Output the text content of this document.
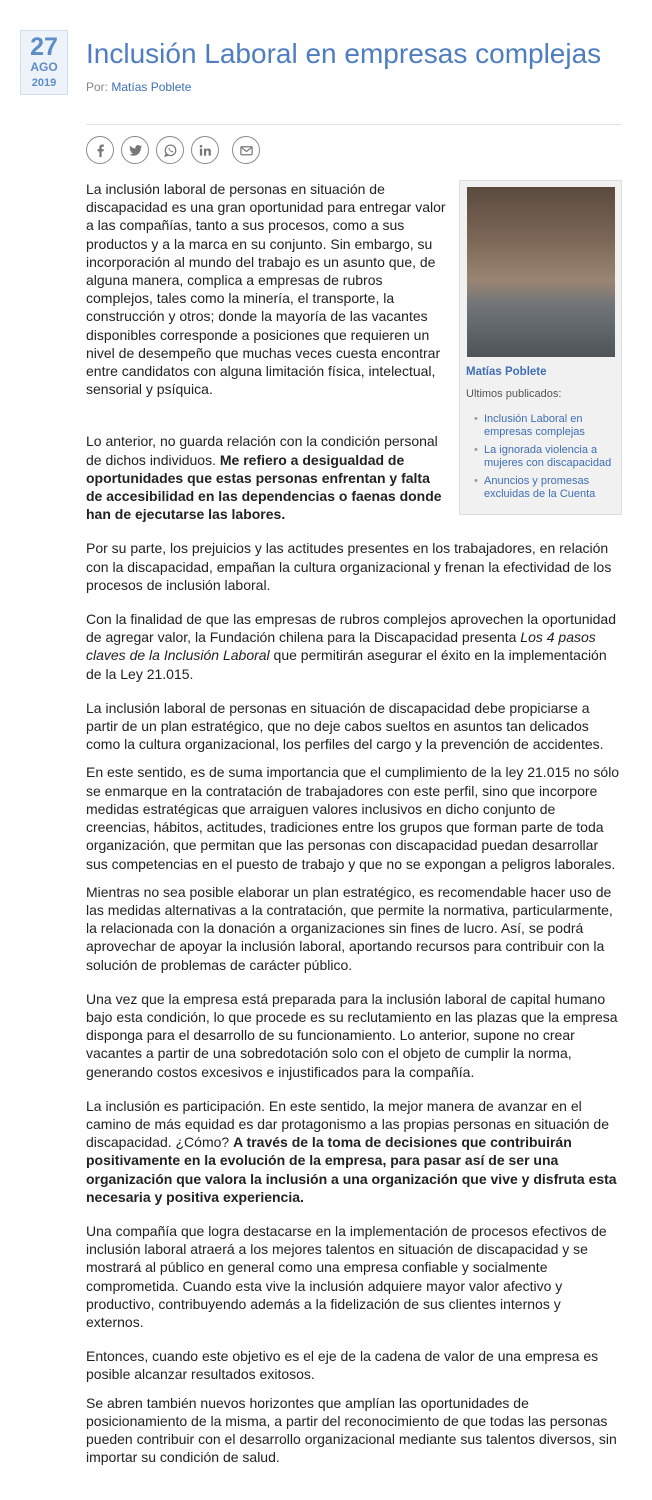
27
AGO
2019
Inclusión Laboral en empresas complejas
Por: Matías Poblete
Matías Poblete
Ultimos publicados:
• Inclusión Laboral en empresas complejas
• La ignorada violencia a mujeres con discapacidad
• Anuncios y promesas excluidas de la Cuenta

La inclusión laboral de personas en situación de discapacidad es una gran oportunidad para entregar valor a las compañías, tanto a sus procesos, como a sus productos y a la marca en su conjunto. Sin embargo, su incorporación al mundo del trabajo es un asunto que, de alguna manera, complica a empresas de rubros complejos, tales como la minería, el transporte, la construcción y otros; donde la mayoría de las vacantes disponibles corresponde a posiciones que requieren un nivel de desempeño que muchas veces cuesta encontrar entre candidatos con alguna limitación física, intelectual, sensorial y psíquica.

Lo anterior, no guarda relación con la condición personal de dichos individuos. Me refiero a desigualdad de oportunidades que estas personas enfrentan y falta de accesibilidad en las dependencias o faenas donde han de ejecutarse las labores.

Por su parte, los prejuicios y las actitudes presentes en los trabajadores, en relación con la discapacidad, empañan la cultura organizacional y frenan la efectividad de los procesos de inclusión laboral.

Con la finalidad de que las empresas de rubros complejos aprovechen la oportunidad de agregar valor, la Fundación chilena para la Discapacidad presenta Los 4 pasos claves de la Inclusión Laboral que permitirán asegurar el éxito en la implementación de la Ley 21.015.

La inclusión laboral de personas en situación de discapacidad debe propiciarse a partir de un plan estratégico, que no deje cabos sueltos en asuntos tan delicados como la cultura organizacional, los perfiles del cargo y la prevención de accidentes.

En este sentido, es de suma importancia que el cumplimiento de la ley 21.015 no sólo se enmarque en la contratación de trabajadores con este perfil, sino que incorpore medidas estratégicas que arraiguen valores inclusivos en dicho conjunto de creencias, hábitos, actitudes, tradiciones entre los grupos que forman parte de toda organización, que permitan que las personas con discapacidad puedan desarrollar sus competencias en el puesto de trabajo y que no se expongan a peligros laborales.

Mientras no sea posible elaborar un plan estratégico, es recomendable hacer uso de las medidas alternativas a la contratación, que permite la normativa, particularmente, la relacionada con la donación a organizaciones sin fines de lucro. Así, se podrá aprovechar de apoyar la inclusión laboral, aportando recursos para contribuir con la solución de problemas de carácter público.

Una vez que la empresa está preparada para la inclusión laboral de capital humano bajo esta condición, lo que procede es su reclutamiento en las plazas que la empresa disponga para el desarrollo de su funcionamiento. Lo anterior, supone no crear vacantes a partir de una sobredotación solo con el objeto de cumplir la norma, generando costos excesivos e injustificados para la compañía.

La inclusión es participación. En este sentido, la mejor manera de avanzar en el camino de más equidad es dar protagonismo a las propias personas en situación de discapacidad. ¿Cómo? A través de la toma de decisiones que contribuirán positivamente en la evolución de la empresa, para pasar así de ser una organización que valora la inclusión a una organización que vive y disfruta esta necesaria y positiva experiencia.

Una compañía que logra destacarse en la implementación de procesos efectivos de inclusión laboral atraerá a los mejores talentos en situación de discapacidad y se mostrará al público en general como una empresa confiable y socialmente comprometida. Cuando esta vive la inclusión adquiere mayor valor afectivo y productivo, contribuyendo además a la fidelización de sus clientes internos y externos.

Entonces, cuando este objetivo es el eje de la cadena de valor de una empresa es posible alcanzar resultados exitosos.

Se abren también nuevos horizontes que amplían las oportunidades de posicionamiento de la misma, a partir del reconocimiento de que todas las personas pueden contribuir con el desarrollo organizacional mediante sus talentos diversos, sin importar su condición de salud.
